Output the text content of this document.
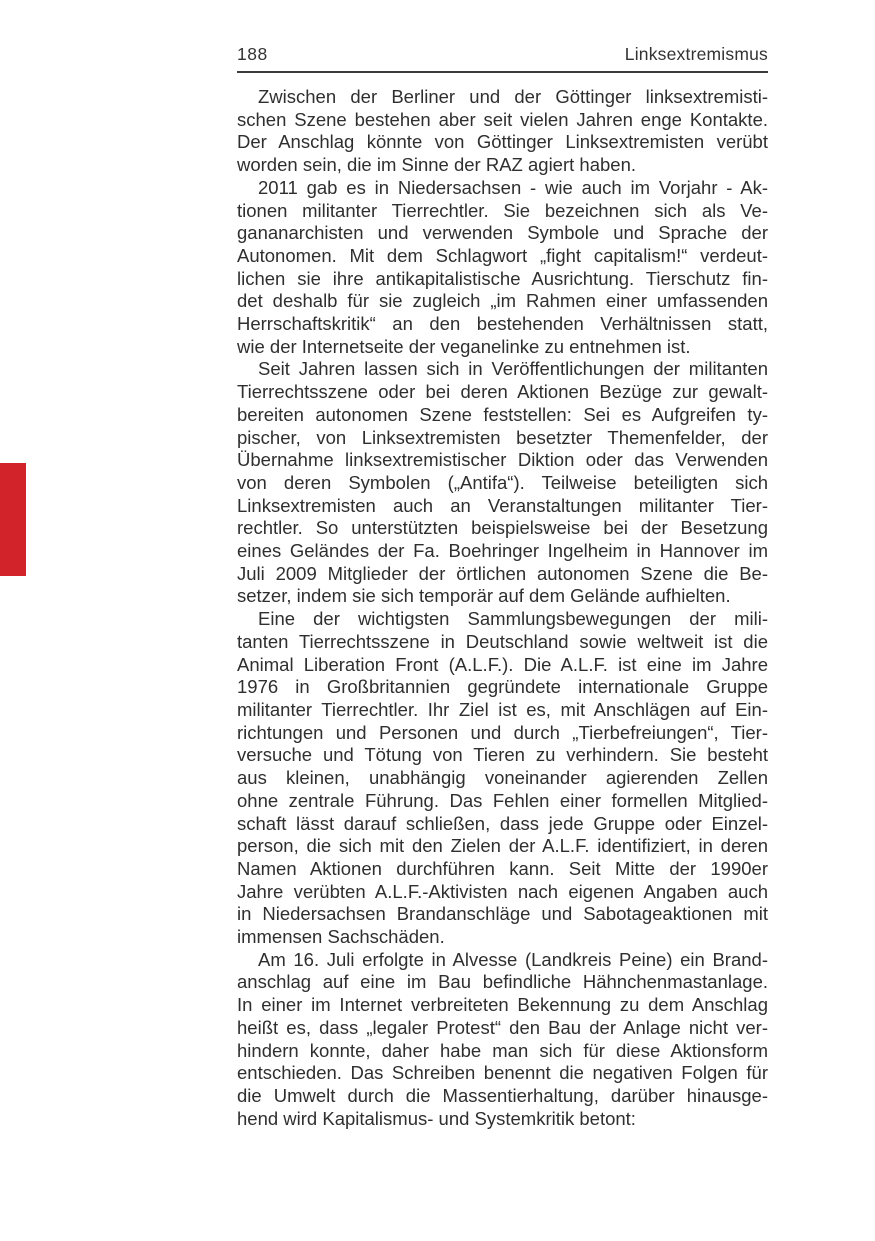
188	Linksextremismus
Zwischen der Berliner und der Göttinger linksextremisti-
schen Szene bestehen aber seit vielen Jahren enge Kontakte.
Der Anschlag könnte von Göttinger Linksextremisten verübt
worden sein, die im Sinne der RAZ agiert haben.
2011 gab es in Niedersachsen - wie auch im Vorjahr - Ak-
tionen militanter Tierrechtler. Sie bezeichnen sich als Ve-
gananarchisten und verwenden Symbole und Sprache der
Autonomen. Mit dem Schlagwort „fight capitalism!“ verdeut-
lichen sie ihre antikapitalistische Ausrichtung. Tierschutz fin-
det deshalb für sie zugleich „im Rahmen einer umfassenden
Herrschaftskritik“ an den bestehenden Verhältnissen statt,
wie der Internetseite der veganelinke zu entnehmen ist.
Seit Jahren lassen sich in Veröffentlichungen der militanten
Tierrechtsszene oder bei deren Aktionen Bezüge zur gewalt-
bereiten autonomen Szene feststellen: Sei es Aufgreifen ty-
pischer, von Linksextremisten besetzter Themenfelder, der
Übernahme linksextremistischer Diktion oder das Verwenden
von deren Symbolen („Antifa“). Teilweise beteiligten sich
Linksextremisten auch an Veranstaltungen militanter Tier-
rechtler. So unterstützten beispielsweise bei der Besetzung
eines Geländes der Fa. Boehringer Ingelheim in Hannover im
Juli 2009 Mitglieder der örtlichen autonomen Szene die Be-
setzer, indem sie sich temporär auf dem Gelände aufhielten.
Eine der wichtigsten Sammlungsbewegungen der mili-
tanten Tierrechtsszene in Deutschland sowie weltweit ist die
Animal Liberation Front (A.L.F.). Die A.L.F. ist eine im Jahre
1976 in Großbritannien gegründete internationale Gruppe
militanter Tierrechtler. Ihr Ziel ist es, mit Anschlägen auf Ein-
richtungen und Personen und durch „Tierbefreiungen“, Tier-
versuche und Tötung von Tieren zu verhindern. Sie besteht
aus kleinen, unabhängig voneinander agierenden Zellen
ohne zentrale Führung. Das Fehlen einer formellen Mitglied-
schaft lässt darauf schließen, dass jede Gruppe oder Einzel-
person, die sich mit den Zielen der A.L.F. identifiziert, in deren
Namen Aktionen durchführen kann. Seit Mitte der 1990er
Jahre verübten A.L.F.-Aktivisten nach eigenen Angaben auch
in Niedersachsen Brandanschläge und Sabotageaktionen mit
immensen Sachschäden.
Am 16. Juli erfolgte in Alvesse (Landkreis Peine) ein Brand-
anschlag auf eine im Bau befindliche Hähnchenmastanlage.
In einer im Internet verbreiteten Bekennung zu dem Anschlag
heißt es, dass „legaler Protest“ den Bau der Anlage nicht ver-
hindern konnte, daher habe man sich für diese Aktionsform
entschieden. Das Schreiben benennt die negativen Folgen für
die Umwelt durch die Massentierhaltung, darüber hinausge-
hend wird Kapitalismus- und Systemkritik betont:
